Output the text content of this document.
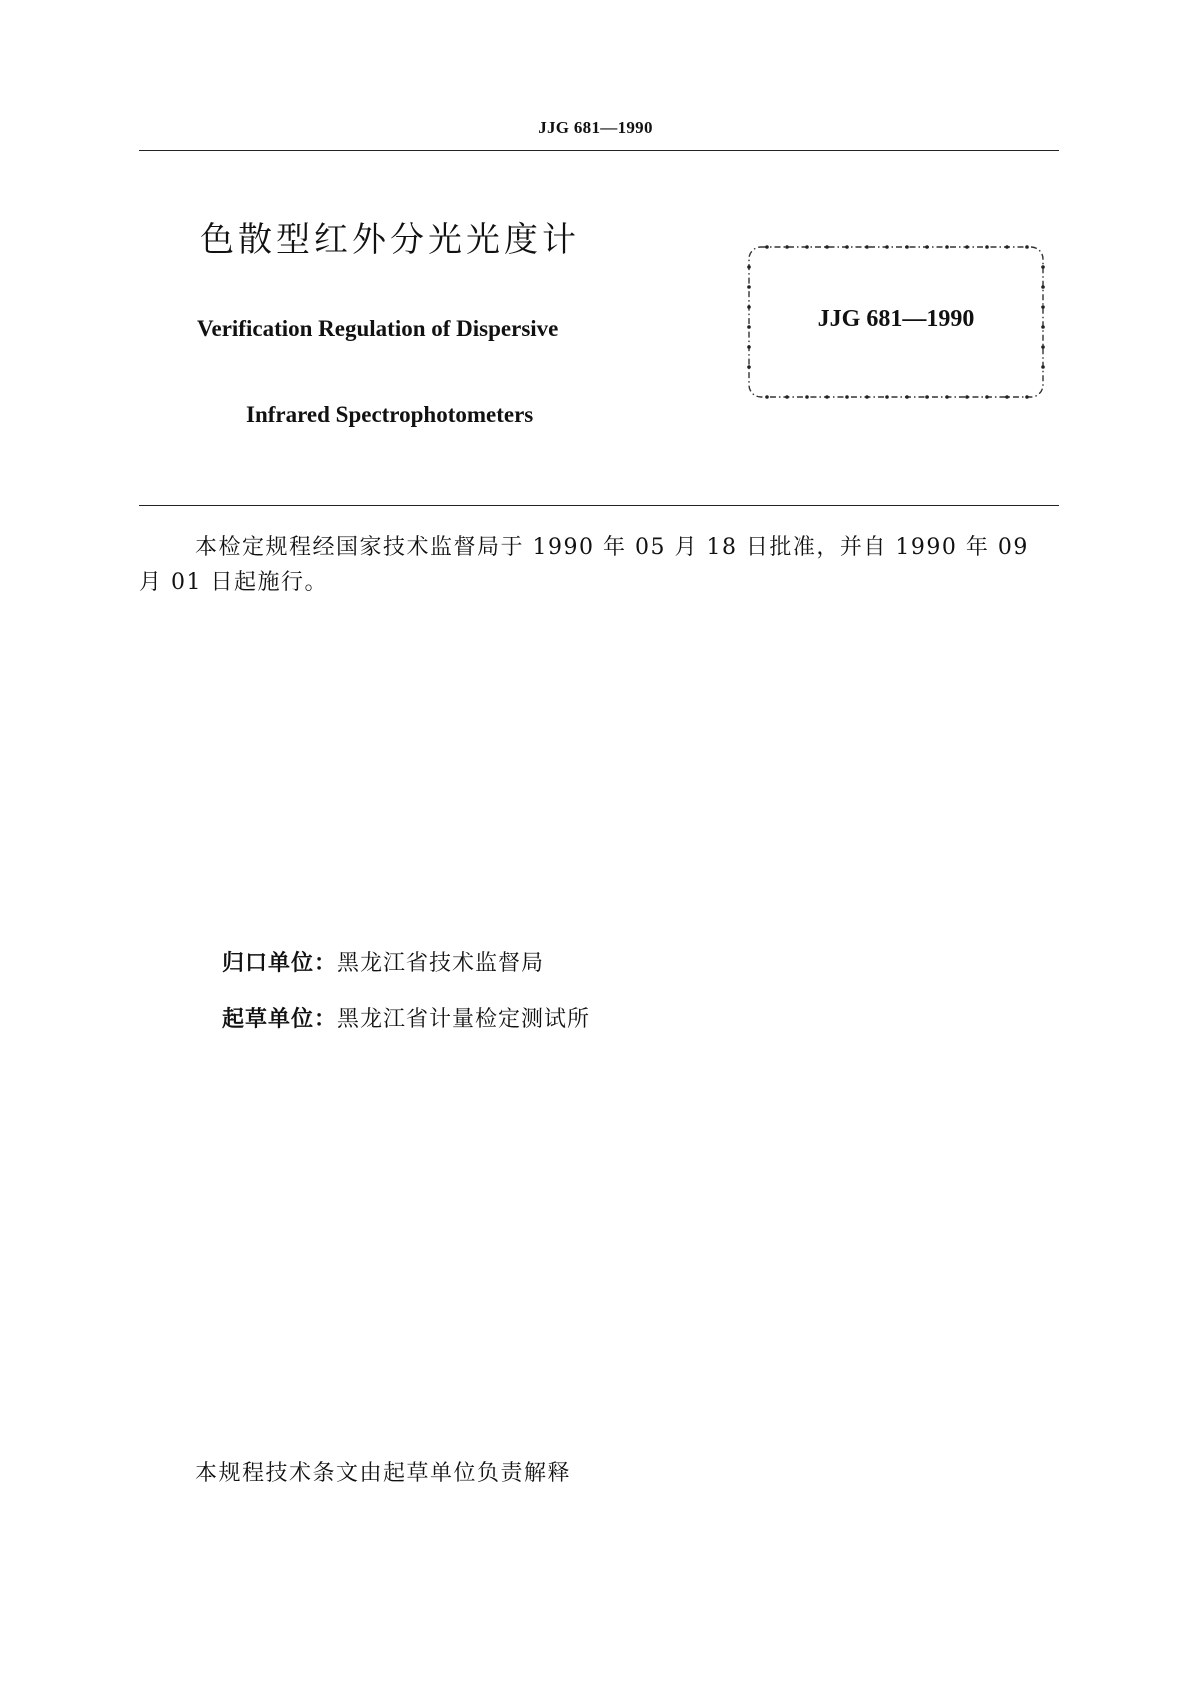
JJG 681—1990
色散型红外分光光度计
Verification Regulation of Dispersive
Infrared Spectrophotometers
JJG 681—1990
本检定规程经国家技术监督局于 1990 年 05 月 18 日批准，并自 1990 年 09 月 01 日起施行。
归口单位：黑龙江省技术监督局
起草单位：黑龙江省计量检定测试所
本规程技术条文由起草单位负责解释
